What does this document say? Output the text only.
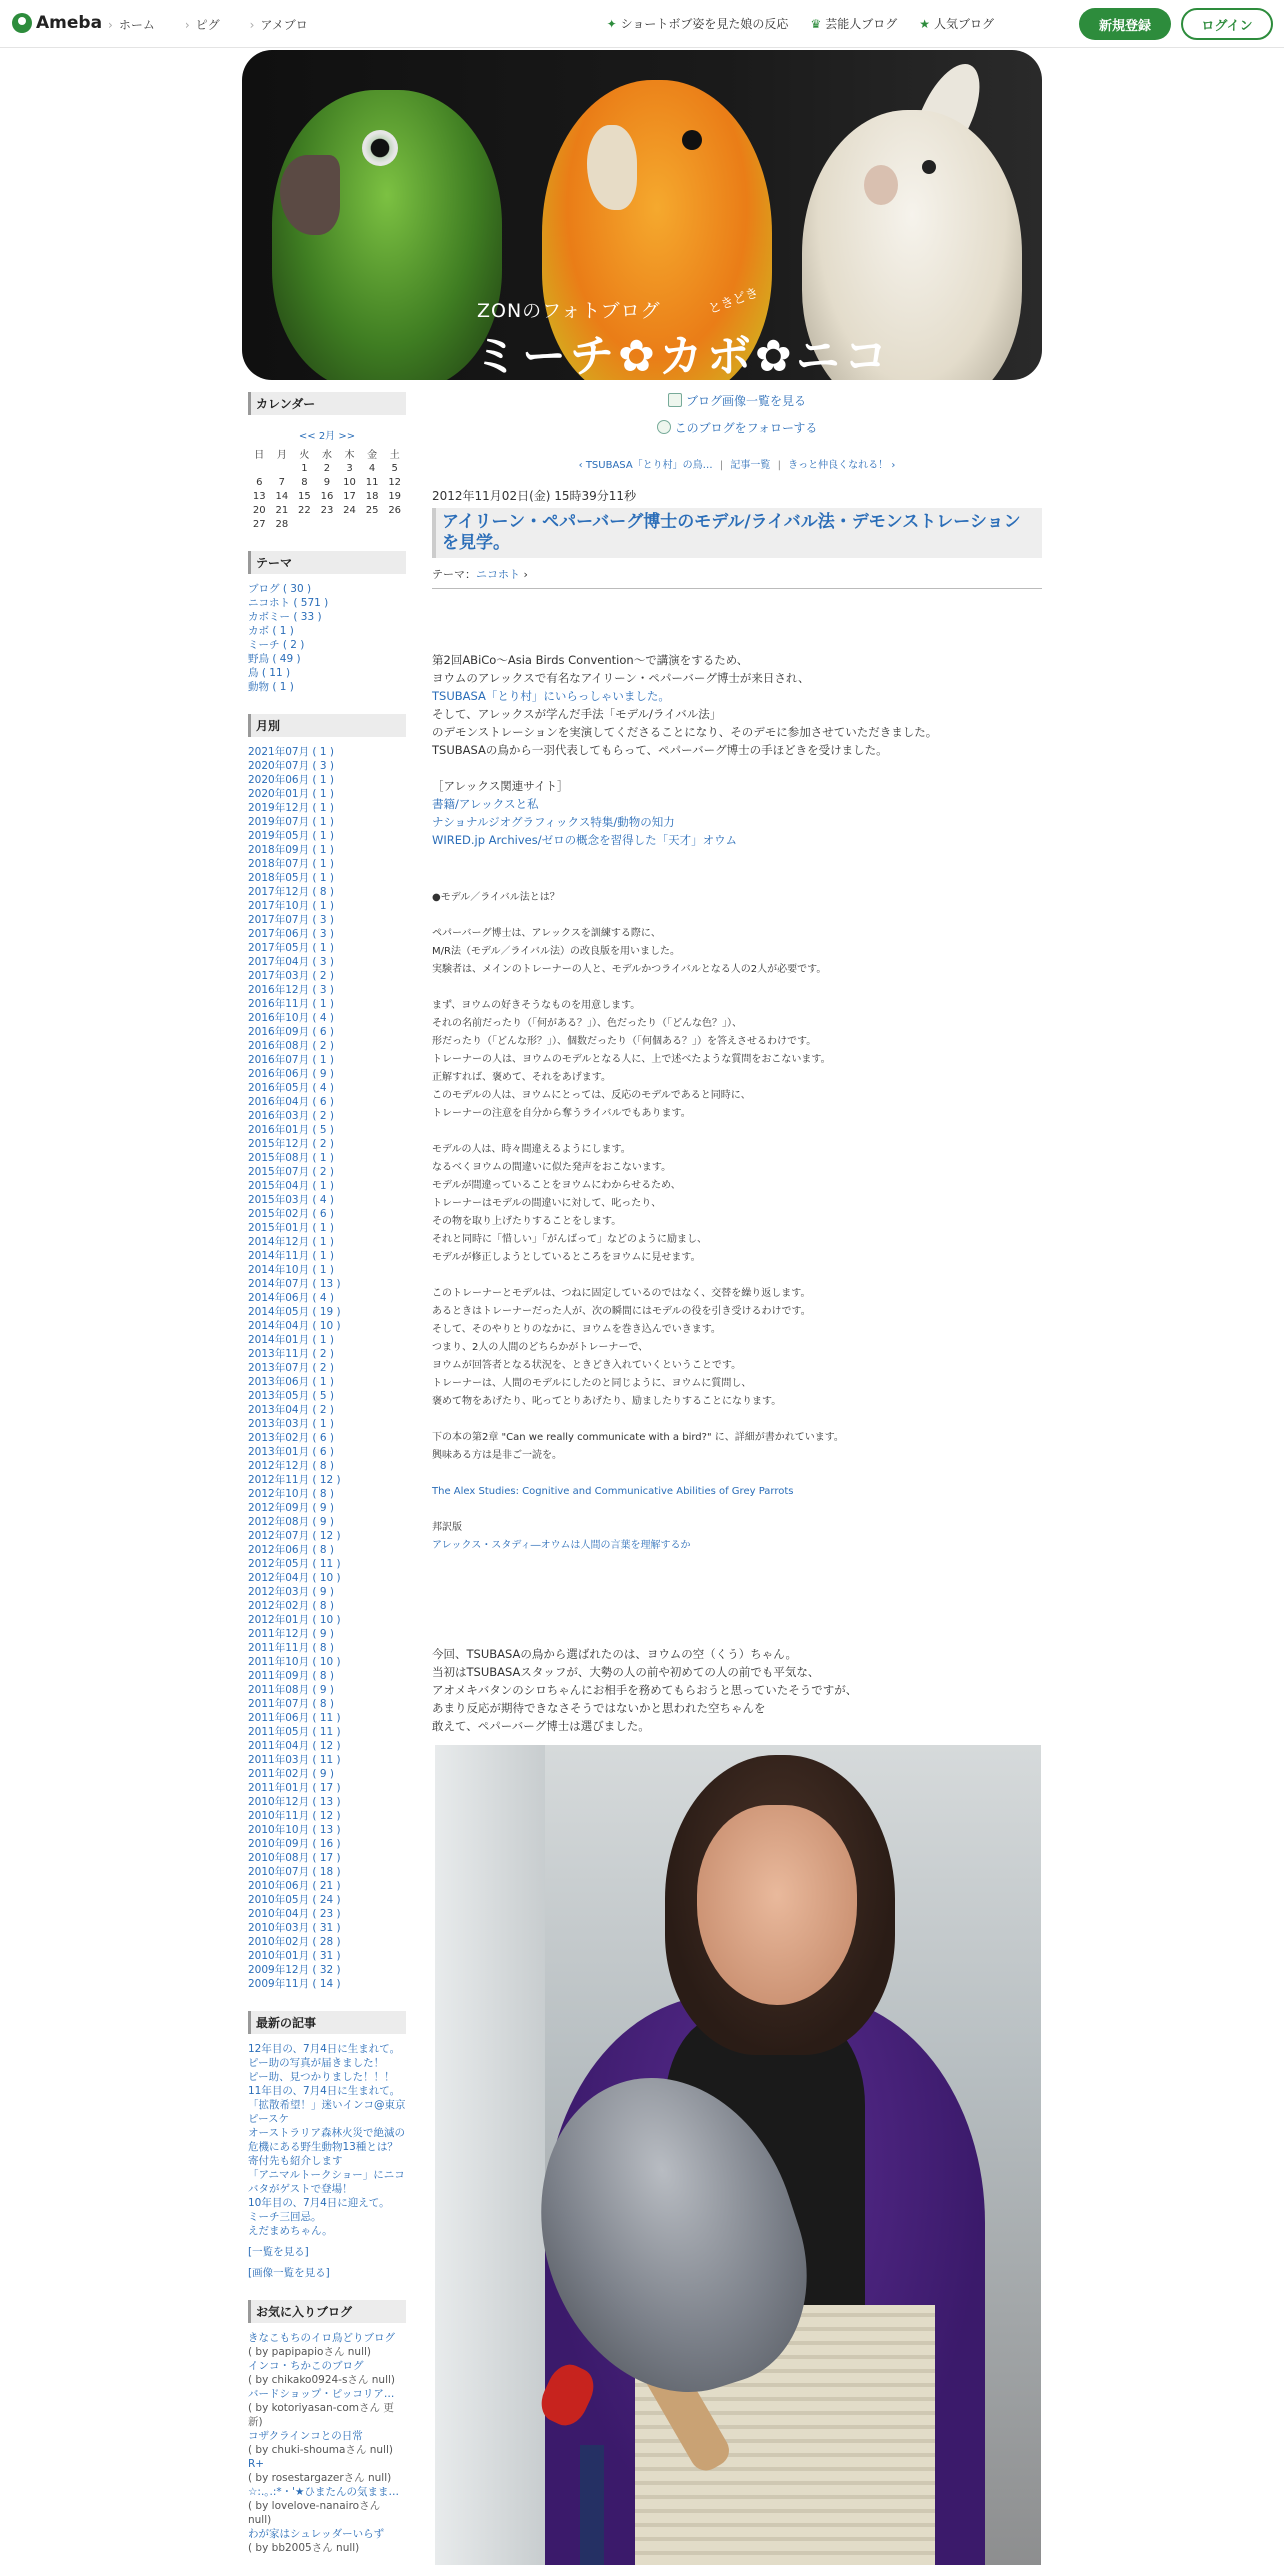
Ameba › ホーム	› ピグ	› アメブロ	✦ ショートボブ姿を見た娘の反応 ♛ 芸能人ブログ ★ 人気ブログ	新規登録	ログイン
ZONのフォトブログ	ときどき
ミーチ✿カボ✿ニコ
カレンダー
<< 2月 >>
日	月	火	水	木	金	土
		1	2	3	4	5
6	7	8	9	10	11	12
13	14	15	16	17	18	19
20	21	22	23	24	25	26
27	28					
テーマ
ブログ ( 30 )
ニコホト ( 571 )
カボミー ( 33 )
カボ ( 1 )
ミーチ ( 2 )
野鳥 ( 49 )
鳥 ( 11 )
動物 ( 1 )
月別
2021年07月 ( 1 )
2020年07月 ( 3 )
2020年06月 ( 1 )
2020年01月 ( 1 )
2019年12月 ( 1 )
2019年07月 ( 1 )
2019年05月 ( 1 )
2018年09月 ( 1 )
2018年07月 ( 1 )
2018年05月 ( 1 )
2017年12月 ( 8 )
2017年10月 ( 1 )
2017年07月 ( 3 )
2017年06月 ( 3 )
2017年05月 ( 1 )
2017年04月 ( 3 )
2017年03月 ( 2 )
2016年12月 ( 3 )
2016年11月 ( 1 )
2016年10月 ( 4 )
2016年09月 ( 6 )
2016年08月 ( 2 )
2016年07月 ( 1 )
2016年06月 ( 9 )
2016年05月 ( 4 )
2016年04月 ( 6 )
2016年03月 ( 2 )
2016年01月 ( 5 )
2015年12月 ( 2 )
2015年08月 ( 1 )
2015年07月 ( 2 )
2015年04月 ( 1 )
2015年03月 ( 4 )
2015年02月 ( 6 )
2015年01月 ( 1 )
2014年12月 ( 1 )
2014年11月 ( 1 )
2014年10月 ( 1 )
2014年07月 ( 13 )
2014年06月 ( 4 )
2014年05月 ( 19 )
2014年04月 ( 10 )
2014年01月 ( 1 )
2013年11月 ( 2 )
2013年07月 ( 2 )
2013年06月 ( 1 )
2013年05月 ( 5 )
2013年04月 ( 2 )
2013年03月 ( 1 )
2013年02月 ( 6 )
2013年01月 ( 6 )
2012年12月 ( 8 )
2012年11月 ( 12 )
2012年10月 ( 8 )
2012年09月 ( 9 )
2012年08月 ( 9 )
2012年07月 ( 12 )
2012年06月 ( 8 )
2012年05月 ( 11 )
2012年04月 ( 10 )
2012年03月 ( 9 )
2012年02月 ( 8 )
2012年01月 ( 10 )
2011年12月 ( 9 )
2011年11月 ( 8 )
2011年10月 ( 10 )
2011年09月 ( 8 )
2011年08月 ( 9 )
2011年07月 ( 8 )
2011年06月 ( 11 )
2011年05月 ( 11 )
2011年04月 ( 12 )
2011年03月 ( 11 )
2011年02月 ( 9 )
2011年01月 ( 17 )
2010年12月 ( 13 )
2010年11月 ( 12 )
2010年10月 ( 13 )
2010年09月 ( 16 )
2010年08月 ( 17 )
2010年07月 ( 18 )
2010年06月 ( 21 )
2010年05月 ( 24 )
2010年04月 ( 23 )
2010年03月 ( 31 )
2010年02月 ( 28 )
2010年01月 ( 31 )
2009年12月 ( 32 )
2009年11月 ( 14 )
最新の記事
12年目の、7月4日に生まれて。
ピー助の写真が届きました！
ピー助、見つかりました！！！
11年目の、7月4日に生まれて。
「拡散希望！」迷いインコ@東京ピースケ
オーストラリア森林火災で絶滅の危機にある野生動物13種とは？　寄付先も紹介します
「アニマルトークショー」にニコバタがゲストで登場！
10年目の、7月4日に迎えて。
ミーチ三回忌。
えだまめちゃん。
[一覧を見る]
[画像一覧を見る]
お気に入りブログ
きなこもちのイロ鳥どりブログ
( by papipapioさん null)
インコ・ちかこのブログ
( by chikako0924-sさん null)
バードショップ・ピッコリア…
( by kotoriyasan-comさん 更新)
コザクラインコとの日常
( by chuki-shoumaさん null)
R+
( by rosestargazerさん null)
☆:.｡.:*・'★ひまたんの気まま…
( by lovelove-nanairoさん null)
わが家はシュレッダーいらず
( by bb2005さん null)
ブログ画像一覧を見る
このブログをフォローする
‹ TSUBASA「とり村」の鳥… | 記事一覧 | きっと仲良くなれる！ ›
2012年11月02日(金) 15時39分11秒
アイリーン・ペパーバーグ博士のモデル/ライバル法・デモンストレーションを見学。
テーマ：ニコホト ›

第2回ABiCo～Asia Birds Convention～で講演をするため、

ヨウムのアレックスで有名なアイリーン・ペパーバーグ博士が来日され、

TSUBASA「とり村」にいらっしゃいました。

そして、アレックスが学んだ手法「モデル/ライバル法」

のデモンストレーションを実演してくださることになり、そのデモに参加させていただきました。

TSUBASAの鳥から一羽代表してもらって、ペパーバーグ博士の手ほどきを受けました。

［アレックス関連サイト］

書籍/アレックスと私

ナショナルジオグラフィックス特集/動物の知力

WIRED.jp Archives/ゼロの概念を習得した「天才」オウム

●モデル／ライバル法とは？

ペパーバーグ博士は、アレックスを訓練する際に、

M/R法（モデル／ライバル法）の改良版を用いました。

実験者は、メインのトレーナーの人と、モデルかつライバルとなる人の2人が必要です。

まず、ヨウムの好きそうなものを用意します。

それの名前だったり（「何がある？」）、色だったり（「どんな色？」）、

形だったり（「どんな形？」）、個数だったり（「何個ある？」）を答えさせるわけです。

トレーナーの人は、ヨウムのモデルとなる人に、上で述べたような質問をおこないます。

正解すれば、褒めて、それをあげます。

このモデルの人は、ヨウムにとっては、反応のモデルであると同時に、

トレーナーの注意を自分から奪うライバルでもあります。

モデルの人は、時々間違えるようにします。

なるべくヨウムの間違いに似た発声をおこないます。

モデルが間違っていることをヨウムにわからせるため、

トレーナーはモデルの間違いに対して、叱ったり、

その物を取り上げたりすることをします。

それと同時に「惜しい」「がんばって」などのように励まし、

モデルが修正しようとしているところをヨウムに見せます。

このトレーナーとモデルは、つねに固定しているのではなく、交替を繰り返します。

あるときはトレーナーだった人が、次の瞬間にはモデルの役を引き受けるわけです。

そして、そのやりとりのなかに、ヨウムを巻き込んでいきます。

つまり、2人の人間のどちらかがトレーナーで、

ヨウムが回答者となる状況を、ときどき入れていくということです。

トレーナーは、人間のモデルにしたのと同じように、ヨウムに質問し、

褒めて物をあげたり、叱ってとりあげたり、励ましたりすることになります。

下の本の第2章 "Can we really communicate with a bird?" に、詳細が書かれています。

興味ある方は是非ご一読を。

The Alex Studies: Cognitive and Communicative Abilities of Grey Parrots

邦訳版

アレックス・スタディ―オウムは人間の言葉を理解するか

今回、TSUBASAの鳥から選ばれたのは、ヨウムの空（くう）ちゃん。

当初はTSUBASAスタッフが、大勢の人の前や初めての人の前でも平気な、

アオメキバタンのシロちゃんにお相手を務めてもらおうと思っていたそうですが、

あまり反応が期待できなさそうではないかと思われた空ちゃんを

敢えて、ペパーバーグ博士は選びました。
